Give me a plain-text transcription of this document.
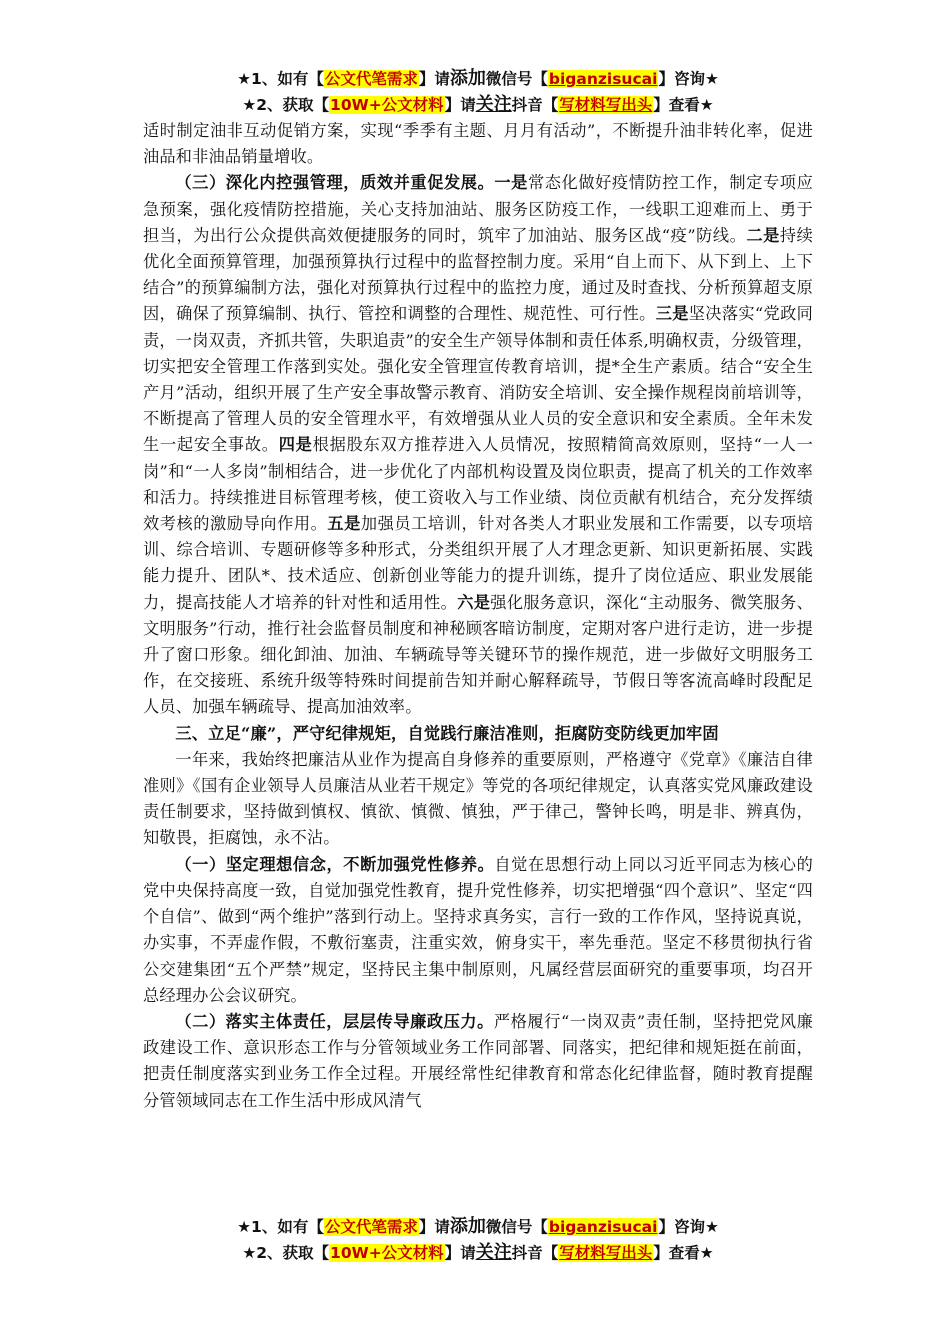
★1、如有【公文代笔需求】请添加微信号【biganzisucai】咨询★
★2、获取【10W+公文材料】请关注抖音【写材料写出头】查看★

适时制定油非互动促销方案，实现“季季有主题、月月有活动”，不断提升油非转化率，促进油品和非油品销量增收。

（三）深化内控强管理，质效并重促发展。一是常态化做好疫情防控工作，制定专项应急预案，强化疫情防控措施，关心支持加油站、服务区防疫工作，一线职工迎难而上、勇于担当，为出行公众提供高效便捷服务的同时，筑牢了加油站、服务区战“疫”防线。二是持续优化全面预算管理，加强预算执行过程中的监督控制力度。采用“自上而下、从下到上、上下结合”的预算编制方法，强化对预算执行过程中的监控力度，通过及时查找、分析预算超支原因，确保了预算编制、执行、管控和调整的合理性、规范性、可行性。三是坚决落实“党政同责，一岗双责，齐抓共管，失职追责”的安全生产领导体制和责任体系,明确权责，分级管理，切实把安全管理工作落到实处。强化安全管理宣传教育培训，提*全生产素质。结合“安全生产月”活动，组织开展了生产安全事故警示教育、消防安全培训、安全操作规程岗前培训等，不断提高了管理人员的安全管理水平，有效增强从业人员的安全意识和安全素质。全年未发生一起安全事故。四是根据股东双方推荐进入人员情况，按照精简高效原则，坚持“一人一岗”和“一人多岗”制相结合，进一步优化了内部机构设置及岗位职责，提高了机关的工作效率和活力。持续推进目标管理考核，使工资收入与工作业绩、岗位贡献有机结合，充分发挥绩效考核的激励导向作用。五是加强员工培训，针对各类人才职业发展和工作需要，以专项培训、综合培训、专题研修等多种形式，分类组织开展了人才理念更新、知识更新拓展、实践能力提升、团队*、技术适应、创新创业等能力的提升训练，提升了岗位适应、职业发展能力，提高技能人才培养的针对性和适用性。六是强化服务意识，深化“主动服务、微笑服务、文明服务”行动，推行社会监督员制度和神秘顾客暗访制度，定期对客户进行走访，进一步提升了窗口形象。细化卸油、加油、车辆疏导等关键环节的操作规范，进一步做好文明服务工作，在交接班、系统升级等特殊时间提前告知并耐心解释疏导，节假日等客流高峰时段配足人员、加强车辆疏导、提高加油效率。

三、立足“廉”，严守纪律规矩，自觉践行廉洁准则，拒腐防变防线更加牢固

一年来，我始终把廉洁从业作为提高自身修养的重要原则，严格遵守《党章》《廉洁自律准则》《国有企业领导人员廉洁从业若干规定》等党的各项纪律规定，认真落实党风廉政建设责任制要求，坚持做到慎权、慎欲、慎微、慎独，严于律己，警钟长鸣，明是非、辨真伪，知敬畏，拒腐蚀，永不沾。

（一）坚定理想信念，不断加强党性修养。自觉在思想行动上同以习近平同志为核心的党中央保持高度一致，自觉加强党性教育，提升党性修养，切实把增强“四个意识”、坚定“四个自信”、做到“两个维护”落到行动上。坚持求真务实，言行一致的工作作风，坚持说真说，办实事，不弄虚作假，不敷衍塞责，注重实效，俯身实干，率先垂范。坚定不移贯彻执行省公交建集团“五个严禁”规定，坚持民主集中制原则，凡属经营层面研究的重要事项，均召开总经理办公会议研究。

（二）落实主体责任，层层传导廉政压力。严格履行“一岗双责”责任制，坚持把党风廉政建设工作、意识形态工作与分管领域业务工作同部署、同落实，把纪律和规矩挺在前面，把责任制度落实到业务工作全过程。开展经常性纪律教育和常态化纪律监督，随时教育提醒分管领域同志在工作生活中形成风清气

★1、如有【公文代笔需求】请添加微信号【biganzisucai】咨询★
★2、获取【10W+公文材料】请关注抖音【写材料写出头】查看★
